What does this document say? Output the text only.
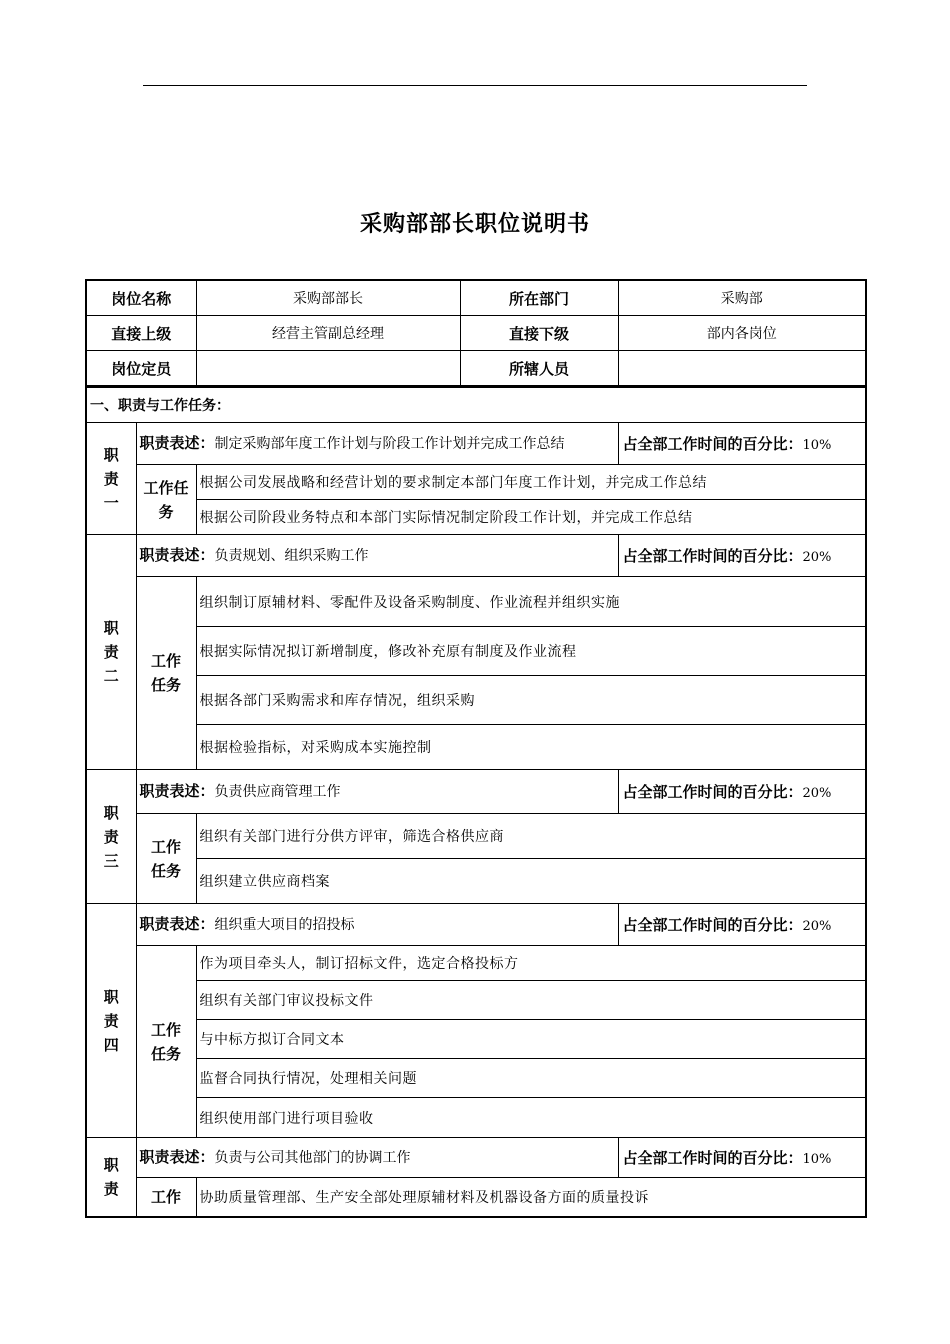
采购部部长职位说明书
岗位名称	采购部部长	所在部门	采购部
直接上级	经营主管副总经理	直接下级	部内各岗位
岗位定员		所辖人员	
一、职责与工作任务：			
职责一	职责表述：制定采购部年度工作计划与阶段工作计划并完成工作总结		占全部工作时间的百分比：10%
	工作任务	根据公司发展战略和经营计划的要求制定本部门年度工作计划，并完成工作总结	
		根据公司阶段业务特点和本部门实际情况制定阶段工作计划，并完成工作总结	
职责二	职责表述：负责规划、组织采购工作		占全部工作时间的百分比：20%
	工作任务	组织制订原辅材料、零配件及设备采购制度、作业流程并组织实施	
		根据实际情况拟订新增制度，修改补充原有制度及作业流程	
		根据各部门采购需求和库存情况，组织采购	
		根据检验指标，对采购成本实施控制	
职责三	职责表述：负责供应商管理工作		占全部工作时间的百分比：20%
	工作任务	组织有关部门进行分供方评审，筛选合格供应商	
		组织建立供应商档案	
职责四	职责表述：组织重大项目的招投标		占全部工作时间的百分比：20%
	工作任务	作为项目牵头人，制订招标文件，选定合格投标方	
		组织有关部门审议投标文件	
		与中标方拟订合同文本	
		监督合同执行情况，处理相关问题	
		组织使用部门进行项目验收	
职责	职责表述：负责与公司其他部门的协调工作		占全部工作时间的百分比：10%
	工作	协助质量管理部、生产安全部处理原辅材料及机器设备方面的质量投诉	
